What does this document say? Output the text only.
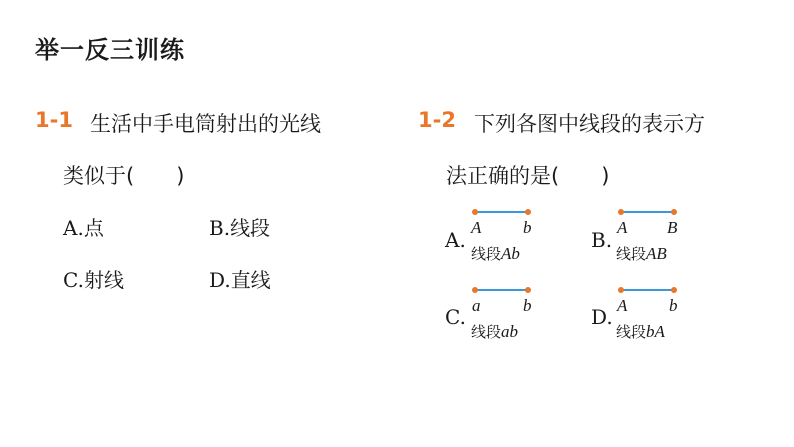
举一反三训练
1-1 生活中手电筒射出的光线
类似于(　　)
A.点	B.线段
C.射线	D.直线
1-2 下列各图中线段的表示方
法正确的是(　　)
A.
A b
线段Ab
B.
A B
线段AB
C. a	b
线段ab
D. A b
线段bA
